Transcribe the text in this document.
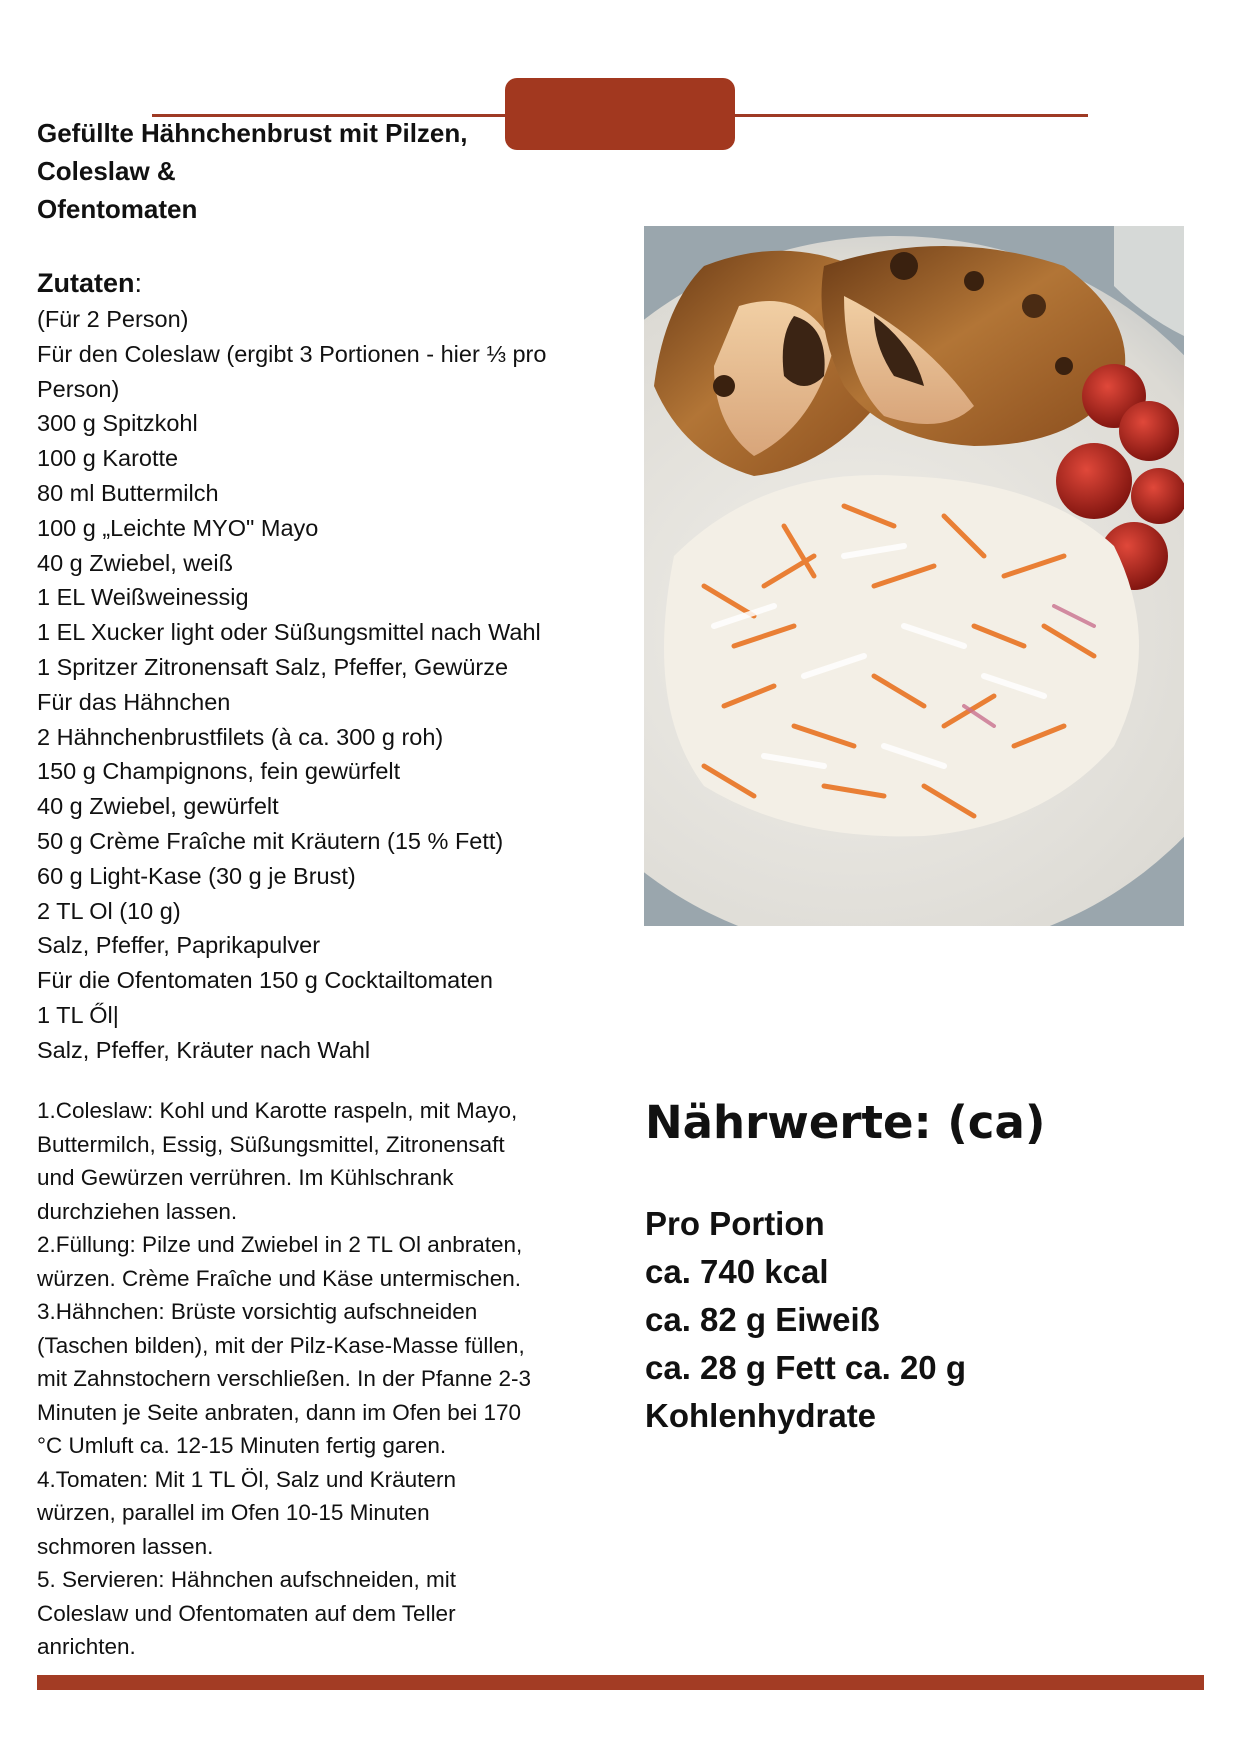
Gefüllte Hähnchenbrust mit Pilzen,
Coleslaw &
Ofentomaten
Zutaten:
(Für 2 Person)
Für den Coleslaw (ergibt 3 Portionen - hier ⅓ pro
Person)
300 g Spitzkohl
100 g Karotte
80 ml Buttermilch
100 g „Leichte MYO" Mayo
40 g Zwiebel, weiß
1 EL Weißweinessig
1 EL Xucker light oder Süßungsmittel nach Wahl
1 Spritzer Zitronensaft Salz, Pfeffer, Gewürze
Für das Hähnchen
2 Hähnchenbrustfilets (à ca. 300 g roh)
150 g Champignons, fein gewürfelt
40 g Zwiebel, gewürfelt
50 g Crème Fraîche mit Kräutern (15 % Fett)
60 g Light-Kase (30 g je Brust)
2 TL Ol (10 g)
Salz, Pfeffer, Paprikapulver
Für die Ofentomaten 150 g Cocktailtomaten
1 TL Ől|
Salz, Pfeffer, Kräuter nach Wahl
1.Coleslaw: Kohl und Karotte raspeln, mit Mayo,
Buttermilch, Essig, Süßungsmittel, Zitronensaft
und Gewürzen verrühren. Im Kühlschrank
durchziehen lassen.
2.Füllung: Pilze und Zwiebel in 2 TL Ol anbraten,
würzen. Crème Fraîche und Käse untermischen.
3.Hähnchen: Brüste vorsichtig aufschneiden
(Taschen bilden), mit der Pilz-Kase-Masse füllen,
mit Zahnstochern verschließen. In der Pfanne 2-3
Minuten je Seite anbraten, dann im Ofen bei 170
°C Umluft ca. 12-15 Minuten fertig garen.
4.Tomaten: Mit 1 TL Öl, Salz und Kräutern
würzen, parallel im Ofen 10-15 Minuten
schmoren lassen.
5. Servieren: Hähnchen aufschneiden, mit
Coleslaw und Ofentomaten auf dem Teller
anrichten.
Nährwerte: (ca)
Pro Portion
ca. 740 kcal
ca. 82 g Eiweiß
ca. 28 g Fett ca. 20 g
Kohlenhydrate
